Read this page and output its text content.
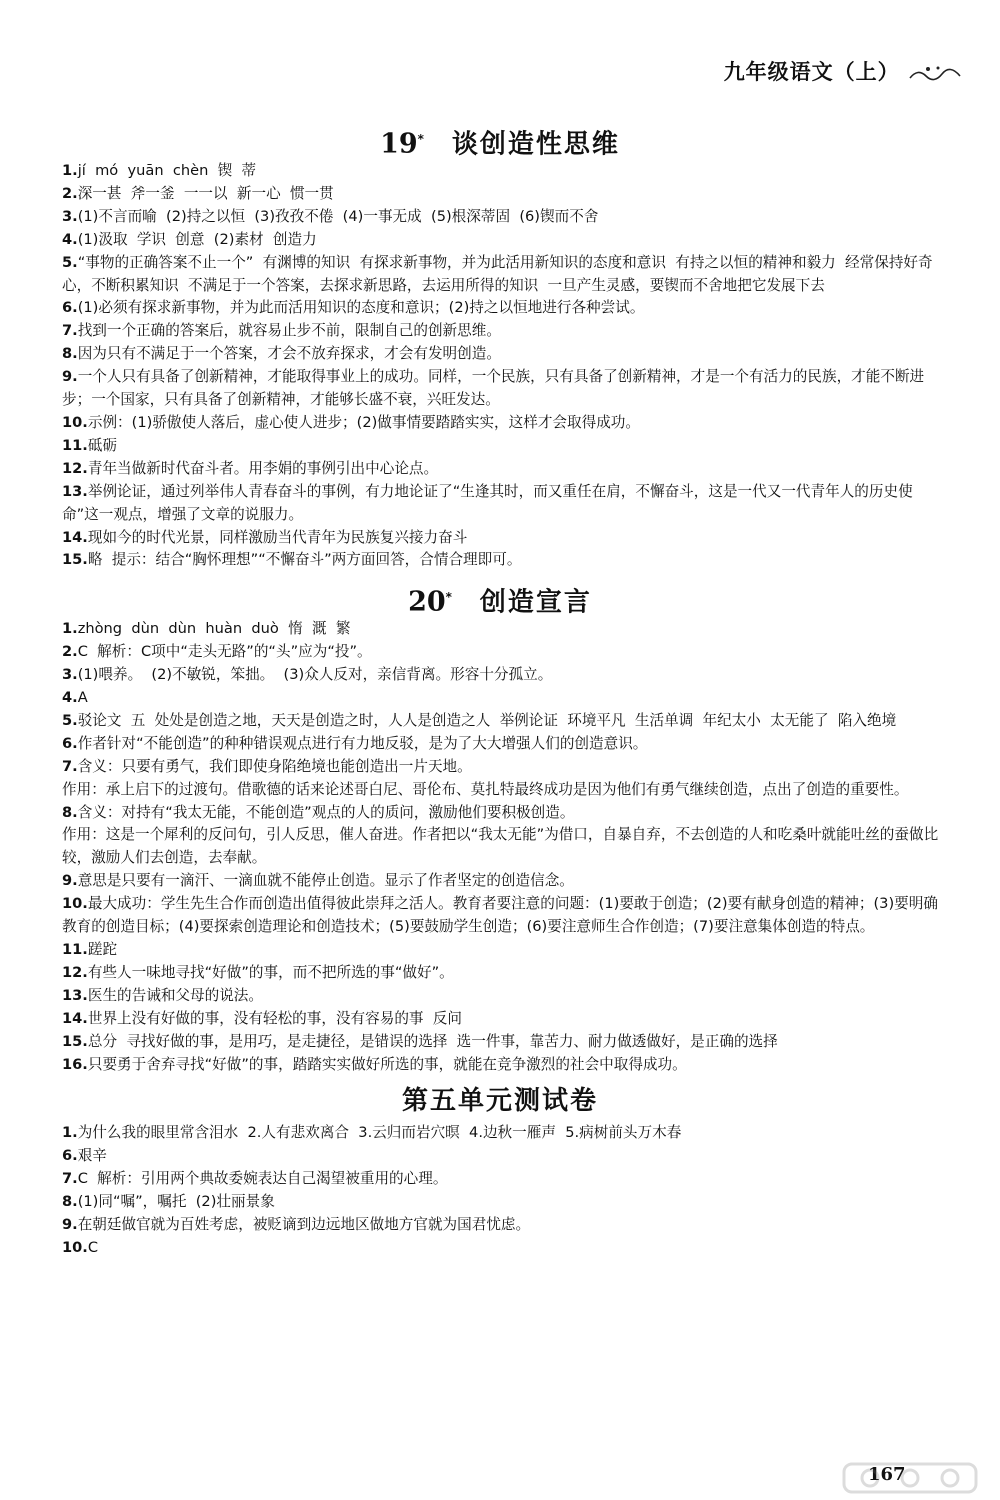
九年级语文（上）
19* 谈创造性思维
1.jí  mó  yuān  chèn  锲  蒂
2.深一甚  斧一釜  一一以  新一心  惯一贯
3.(1)不言而喻  (2)持之以恒  (3)孜孜不倦  (4)一事无成  (5)根深蒂固  (6)锲而不舍
4.(1)汲取  学识  创意  (2)素材  创造力
5.“事物的正确答案不止一个”  有渊博的知识  有探求新事物，并为此活用新知识的态度和意识  有持之以恒的精神和毅力  经常保持好奇心，不断积累知识  不满足于一个答案，去探求新思路，去运用所得的知识  一旦产生灵感，要锲而不舍地把它发展下去
6.(1)必须有探求新事物，并为此而活用知识的态度和意识；(2)持之以恒地进行各种尝试。
7.找到一个正确的答案后，就容易止步不前，限制自己的创新思维。
8.因为只有不满足于一个答案，才会不放弃探求，才会有发明创造。
9.一个人只有具备了创新精神，才能取得事业上的成功。同样，一个民族，只有具备了创新精神，才是一个有活力的民族，才能不断进步；一个国家，只有具备了创新精神，才能够长盛不衰，兴旺发达。
10.示例：(1)骄傲使人落后，虚心使人进步；(2)做事情要踏踏实实，这样才会取得成功。
11.砥砺
12.青年当做新时代奋斗者。用李娟的事例引出中心论点。
13.举例论证，通过列举伟人青春奋斗的事例，有力地论证了“生逢其时，而又重任在肩，不懈奋斗，这是一代又一代青年人的历史使命”这一观点，增强了文章的说服力。
14.现如今的时代光景，同样激励当代青年为民族复兴接力奋斗
15.略  提示：结合“胸怀理想”“不懈奋斗”两方面回答，合情合理即可。
20* 创造宣言
1.zhòng  dùn  dùn  huàn  duò  惰  溉  繁
2.C  解析：C项中“走头无路”的“头”应为“投”。
3.(1)喂养。  (2)不敏锐，笨拙。  (3)众人反对，亲信背离。形容十分孤立。
4.A
5.驳论文  五  处处是创造之地，天天是创造之时，人人是创造之人  举例论证  环境平凡  生活单调  年纪太小  太无能了  陷入绝境
6.作者针对“不能创造”的种种错误观点进行有力地反驳，是为了大大增强人们的创造意识。
7.含义：只要有勇气，我们即使身陷绝境也能创造出一片天地。
作用：承上启下的过渡句。借歌德的话来论述哥白尼、哥伦布、莫扎特最终成功是因为他们有勇气继续创造，点出了创造的重要性。
8.含义：对持有“我太无能，不能创造”观点的人的质问，激励他们要积极创造。
作用：这是一个犀利的反问句，引人反思，催人奋进。作者把以“我太无能”为借口，自暴自弃，不去创造的人和吃桑叶就能吐丝的蚕做比较，激励人们去创造，去奉献。
9.意思是只要有一滴汗、一滴血就不能停止创造。显示了作者坚定的创造信念。
10.最大成功：学生先生合作而创造出值得彼此崇拜之活人。教育者要注意的问题：(1)要敢于创造；(2)要有献身创造的精神；(3)要明确教育的创造目标；(4)要探索创造理论和创造技术；(5)要鼓励学生创造；(6)要注意师生合作创造；(7)要注意集体创造的特点。
11.蹉跎
12.有些人一味地寻找“好做”的事，而不把所选的事“做好”。
13.医生的告诫和父母的说法。
14.世界上没有好做的事，没有轻松的事，没有容易的事  反问
15.总分  寻找好做的事，是用巧，是走捷径，是错误的选择  选一件事，靠苦力、耐力做透做好，是正确的选择
16.只要勇于舍弃寻找“好做”的事，踏踏实实做好所选的事，就能在竞争激烈的社会中取得成功。
第五单元测试卷
1.为什么我的眼里常含泪水  2.人有悲欢离合  3.云归而岩穴暝  4.边秋一雁声  5.病树前头万木春
6.艰辛
7.C  解析：引用两个典故委婉表达自己渴望被重用的心理。
8.(1)同“嘱”，嘱托  (2)壮丽景象
9.在朝廷做官就为百姓考虑，被贬谪到边远地区做地方官就为国君忧虑。
10.C
167
